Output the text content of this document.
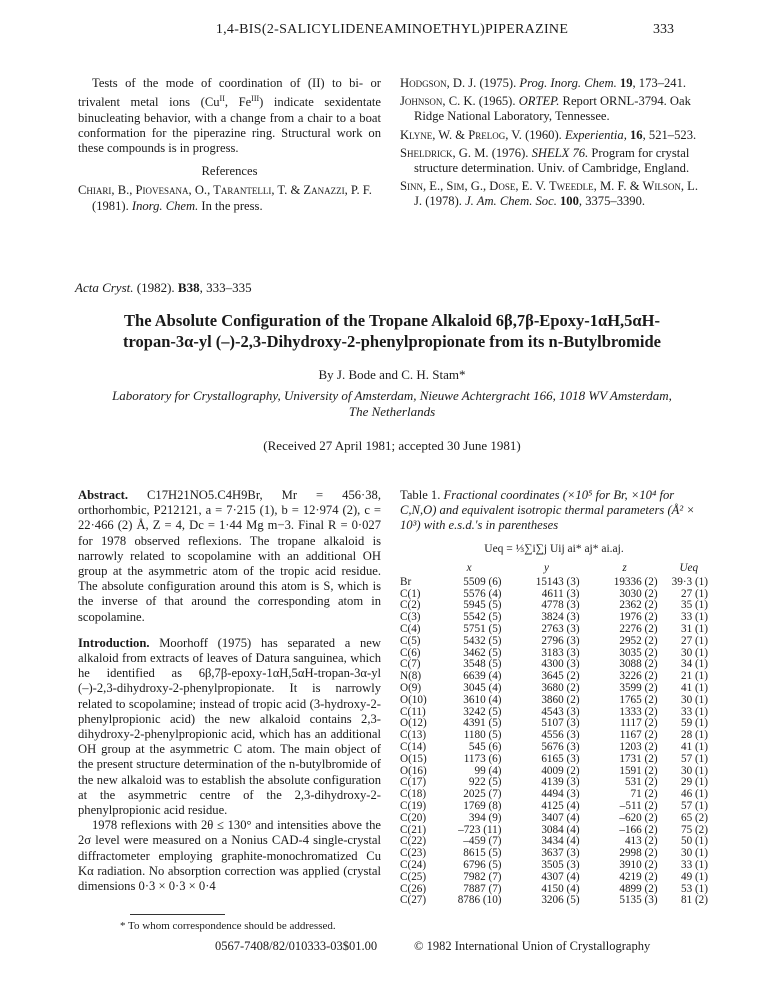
1,4-BIS(2-SALICYLIDENEAMINOETHYL)PIPERAZINE	333

Tests of the mode of coordination of (II) to bi- or trivalent metal ions ($Cu^{II}$, $Fe^{III}$) indicate sexidentate binucleating behavior, with a change from a chair to a boat conformation for the piperazine ring. Structural work on these compounds is in progress.

References
Chiari, B., Piovesana, O., Tarantelli, T. & Zanazzi, P. F. (1981). Inorg. Chem. In the press.
Hodgson, D. J. (1975). Prog. Inorg. Chem. 19, 173–241.
Johnson, C. K. (1965). ORTEP. Report ORNL-3794. Oak Ridge National Laboratory, Tennessee.
Klyne, W. & Prelog, V. (1960). Experientia, 16, 521–523.
Sheldrick, G. M. (1976). SHELX 76. Program for crystal structure determination. Univ. of Cambridge, England.
Sinn, E., Sim, G., Dose, E. V. Tweedle, M. F. & Wilson, L. J. (1978). J. Am. Chem. Soc. 100, 3375–3390.
Acta Cryst. (1982). B38, 333–335
The Absolute Configuration of the Tropane Alkaloid 6β,7β-Epoxy-1αH,5αH-
tropan-3α-yl (–)-2,3-Dihydroxy-2-phenylpropionate from its n-Butylbromide
By J. Bode and C. H. Stam*
Laboratory for Crystallography, University of Amsterdam, Nieuwe Achtergracht 166, 1018 WV Amsterdam,
The Netherlands
(Received 27 April 1981; accepted 30 June 1981)

Abstract. C17H21NO5.C4H9Br, Mr = 456·38, orthorhombic, P212121, a = 7·215 (1), b = 12·974 (2), c = 22·466 (2) Å, Z = 4, Dc = 1·44 Mg m−3. Final R = 0·027 for 1978 observed reflexions. The tropane alkaloid is narrowly related to scopolamine with an additional OH group at the asymmetric atom of the tropic acid residue. The absolute configuration around this atom is S, which is the inverse of that around the corresponding atom in scopolamine.

Introduction. Moorhoff (1975) has separated a new alkaloid from extracts of leaves of Datura sanguinea, which he identified as 6β,7β-epoxy-1αH,5αH-tropan-3α-yl (–)-2,3-dihydroxy-2-phenylpropionate. It is narrowly related to scopolamine; instead of tropic acid (3-hydroxy-2-phenylpropionic acid) the new alkaloid contains 2,3-dihydroxy-2-phenylpropionic acid, which has an additional OH group at the asymmetric C atom. The main object of the present structure determination of the n-butylbromide of the new alkaloid was to establish the absolute configuration at the asymmetric centre of the 2,3-dihydroxy-2-phenylpropionic acid residue.

1978 reflexions with 2θ ≤ 130° and intensities above the 2σ level were measured on a Nonius CAD-4 single-crystal diffractometer employing graphite-monochromatized Cu Kα radiation. No absorption correction was applied (crystal dimensions 0·3 × 0·3 × 0·4

Table 1. Fractional coordinates (×10⁵ for Br, ×10⁴ for C,N,O) and equivalent isotropic thermal parameters (Å² × 10³) with e.s.d.'s in parentheses
Ueq = ⅓∑i∑j Uij ai* aj* ai.aj.
	x	y	z	Ueq
Br	5509 (6)	15143 (3)	19336 (2)	39·3 (1)
C(1)	5576 (4)	4611 (3)	3030 (2)	27 (1)
C(2)	5945 (5)	4778 (3)	2362 (2)	35 (1)
C(3)	5542 (5)	3824 (3)	1976 (2)	33 (1)
C(4)	5751 (5)	2763 (3)	2276 (2)	31 (1)
C(5)	5432 (5)	2796 (3)	2952 (2)	27 (1)
C(6)	3462 (5)	3183 (3)	3035 (2)	30 (1)
C(7)	3548 (5)	4300 (3)	3088 (2)	34 (1)
N(8)	6639 (4)	3645 (2)	3226 (2)	21 (1)
O(9)	3045 (4)	3680 (2)	3599 (2)	41 (1)
O(10)	3610 (4)	3860 (2)	1765 (2)	30 (1)
C(11)	3242 (5)	4543 (3)	1333 (2)	33 (1)
O(12)	4391 (5)	5107 (3)	1117 (2)	59 (1)
C(13)	1180 (5)	4556 (3)	1167 (2)	28 (1)
C(14)	545 (6)	5676 (3)	1203 (2)	41 (1)
O(15)	1173 (6)	6165 (3)	1731 (2)	57 (1)
O(16)	99 (4)	4009 (2)	1591 (2)	30 (1)
C(17)	922 (5)	4139 (3)	531 (2)	29 (1)
C(18)	2025 (7)	4494 (3)	71 (2)	46 (1)
C(19)	1769 (8)	4125 (4)	–511 (2)	57 (1)
C(20)	394 (9)	3407 (4)	–620 (2)	65 (2)
C(21)	–723 (11)	3084 (4)	–166 (2)	75 (2)
C(22)	–459 (7)	3434 (4)	413 (2)	50 (1)
C(23)	8615 (5)	3637 (3)	2998 (2)	30 (1)
C(24)	6796 (5)	3505 (3)	3910 (2)	33 (1)
C(25)	7982 (7)	4307 (4)	4219 (2)	49 (1)
C(26)	7887 (7)	4150 (4)	4899 (2)	53 (1)
C(27)	8786 (10)	3206 (5)	5135 (3)	81 (2)
* To whom correspondence should be addressed.
0567-7408/82/010333-03$01.00	© 1982 International Union of Crystallography
